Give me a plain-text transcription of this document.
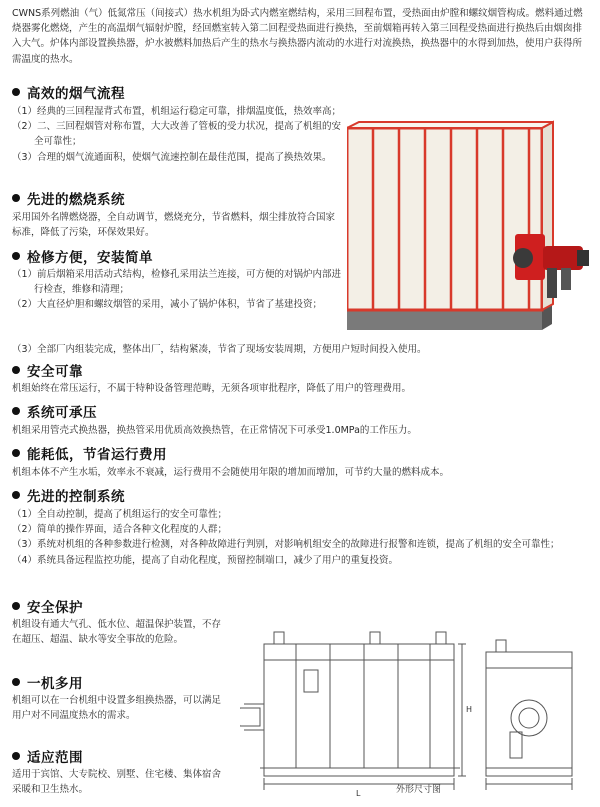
CWNS系列燃油（气）低氮常压（间接式）热水机组为卧式内燃室燃结构，采用三回程布置，受热面由炉膛和螺纹烟管构成。燃料通过燃烧器雾化燃烧，产生的高温烟气辐射炉膛，经回燃室转入第二回程受热面进行换热，至前烟箱再转入第三回程受热面进行换热后由烟囱排入大气。炉体内部设置换热器，炉水被燃料加热后产生的热水与换热器内流动的水进行对流换热，换热器中的水得到加热，使用户获得所需温度的热水。
高效的烟气流程
（1）经典的三回程湿背式布置，机组运行稳定可靠，排烟温度低，热效率高；
（2）二、三回程烟管对称布置，大大改善了管板的受力状况，提高了机组的安全可靠性；
（3）合理的烟气流通面积，使烟气流速控制在最佳范围，提高了换热效果。
先进的燃烧系统
采用国外名牌燃烧器，全自动调节，燃烧充分，节省燃料，烟尘排放符合国家标准，降低了污染，环保效果好。
检修方便，安装简单
（1）前后烟箱采用活动式结构，检修孔采用法兰连接，可方便的对锅炉内部进行检查，维修和清理；
（2）大直径炉胆和螺纹烟管的采用，减小了锅炉体积，节省了基建投资；
（3）全部厂内组装完成，整体出厂，结构紧凑，节省了现场安装周期，方便用户短时间投入使用。
安全可靠
机组始终在常压运行，不属于特种设备管理范畴，无须各项审批程序，降低了用户的管理费用。
系统可承压
机组采用管壳式换热器，换热管采用优质高效换热管，在正常情况下可承受1.0MPa的工作压力。
能耗低，节省运行费用
机组本体不产生水垢，效率永不衰减，运行费用不会随使用年限的增加而增加，可节约大量的燃料成本。
先进的控制系统
（1）全自动控制，提高了机组运行的安全可靠性；
（2）简单的操作界面，适合各种文化程度的人群；
（3）系统对机组的各种参数进行检测，对各种故障进行判别，对影响机组安全的故障进行报警和连锁，提高了机组的安全可靠性；
（4）系统具备远程监控功能，提高了自动化程度，预留控制端口，减少了用户的重复投资。
安全保护
机组设有通大气孔、低水位、超温保护装置，不存在超压、超温、缺水等安全事故的危险。
一机多用
机组可以在一台机组中设置多组换热器，可以满足用户对不同温度热水的需求。
适应范围
适用于宾馆、大专院校、别墅、住宅楼、集体宿舍采暖和卫生热水。	L
H
外形尺寸图
